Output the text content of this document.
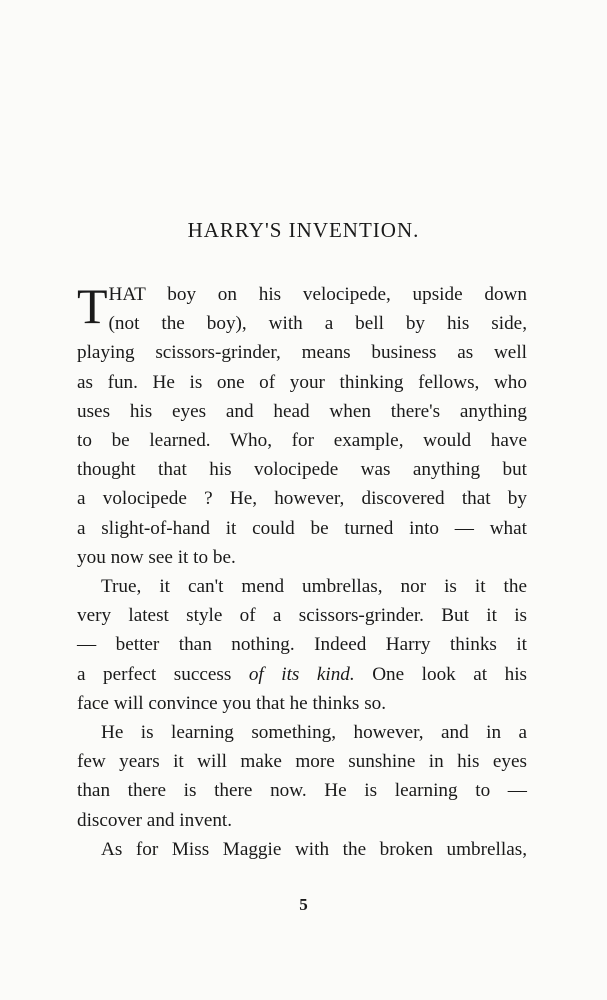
HARRY'S INVENTION.
T HAT boy on his velocipede, upside down
(not the boy), with a bell by his side,
playing scissors-grinder, means business as well
as fun. He is one of your thinking fellows, who
uses his eyes and head when there's anything
to be learned. Who, for example, would have
thought that his volocipede was anything but
a volocipede ? He, however, discovered that by
a slight-of-hand it could be turned into — what
you now see it to be.
True, it can't mend umbrellas, nor is it the
very latest style of a scissors-grinder. But it is
— better than nothing. Indeed Harry thinks it
a perfect success of its kind. One look at his
face will convince you that he thinks so.
He is learning something, however, and in a
few years it will make more sunshine in his eyes
than there is there now. He is learning to —
discover and invent.
As for Miss Maggie with the broken umbrellas,
5
